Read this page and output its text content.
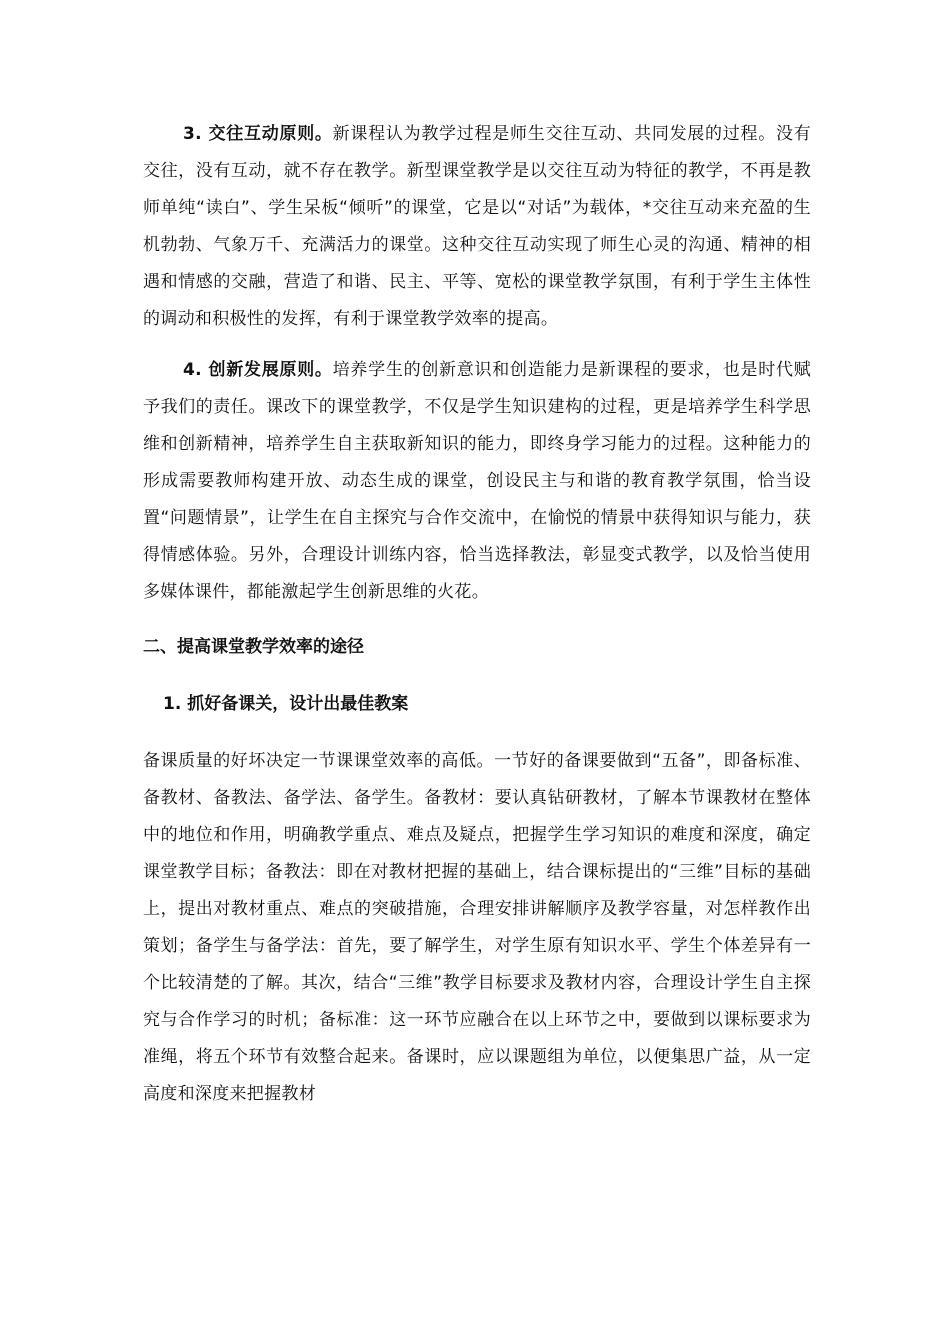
3. 交往互动原则。新课程认为教学过程是师生交往互动、共同发展的过程。没有交往，没有互动，就不存在教学。新型课堂教学是以交往互动为特征的教学，不再是教师单纯“读白”、学生呆板“倾听”的课堂，它是以“对话”为载体，*交往互动来充盈的生机勃勃、气象万千、充满活力的课堂。这种交往互动实现了师生心灵的沟通、精神的相遇和情感的交融，营造了和谐、民主、平等、宽松的课堂教学氛围，有利于学生主体性的调动和积极性的发挥，有利于课堂教学效率的提高。

4. 创新发展原则。培养学生的创新意识和创造能力是新课程的要求，也是时代赋予我们的责任。课改下的课堂教学，不仅是学生知识建构的过程，更是培养学生科学思维和创新精神，培养学生自主获取新知识的能力，即终身学习能力的过程。这种能力的形成需要教师构建开放、动态生成的课堂，创设民主与和谐的教育教学氛围，恰当设置“问题情景”，让学生在自主探究与合作交流中，在愉悦的情景中获得知识与能力，获得情感体验。另外，合理设计训练内容，恰当选择教法，彰显变式教学，以及恰当使用多媒体课件，都能激起学生创新思维的火花。

二、提高课堂教学效率的途径
1. 抓好备课关，设计出最佳教案

备课质量的好坏决定一节课课堂效率的高低。一节好的备课要做到“五备”，即备标准、备教材、备教法、备学法、备学生。备教材：要认真钻研教材，了解本节课教材在整体中的地位和作用，明确教学重点、难点及疑点，把握学生学习知识的难度和深度，确定课堂教学目标；备教法：即在对教材把握的基础上，结合课标提出的“三维”目标的基础上，提出对教材重点、难点的突破措施，合理安排讲解顺序及教学容量，对怎样教作出策划；备学生与备学法：首先，要了解学生，对学生原有知识水平、学生个体差异有一个比较清楚的了解。其次，结合“三维”教学目标要求及教材内容，合理设计学生自主探究与合作学习的时机；备标准：这一环节应融合在以上环节之中，要做到以课标要求为准绳，将五个环节有效整合起来。备课时，应以课题组为单位，以便集思广益，从一定高度和深度来把握教材
